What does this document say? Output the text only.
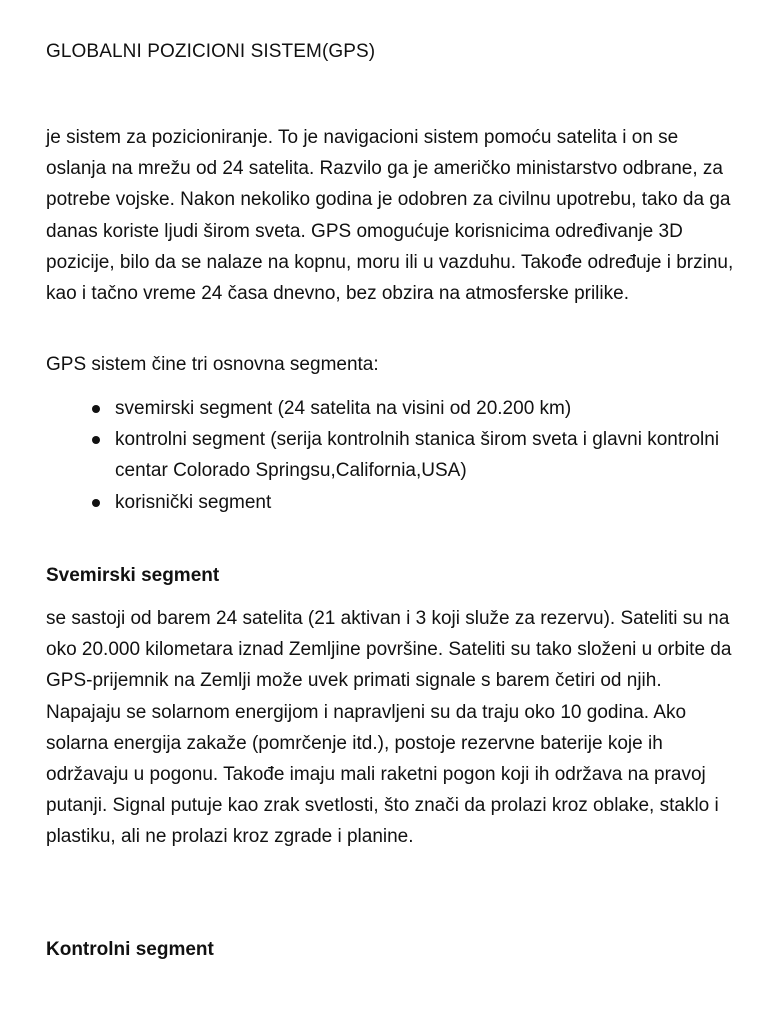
GLOBALNI POZICIONI SISTEM(GPS)

je sistem za pozicioniranje. To je navigacioni sistem pomoću satelita i on se oslanja na mrežu od 24 satelita. Razvilo ga je američko ministarstvo odbrane, za potrebe vojske. Nakon nekoliko godina je odobren za civilnu upotrebu, tako da ga danas koriste ljudi širom sveta. GPS omogućuje korisnicima određivanje 3D pozicije, bilo da se nalaze na kopnu, moru ili u vazduhu. Takođe određuje i brzinu, kao i tačno vreme 24 časa dnevno, bez obzira na atmosferske prilike.

GPS sistem čine tri osnovna segmenta:

svemirski segment (24 satelita na visini od 20.200 km)
kontrolni segment (serija kontrolnih stanica širom sveta i glavni kontrolni centar Colorado Springsu,California,USA)
korisnički segment
Svemirski segment

se sastoji od barem 24 satelita (21 aktivan i 3 koji služe za rezervu). Sateliti su na oko 20.000 kilometara iznad Zemljine površine. Sateliti su tako složeni u orbite da GPS-prijemnik na Zemlji može uvek primati signale s barem četiri od njih. Napajaju se solarnom energijom i napravljeni su da traju oko 10 godina. Ako solarna energija zakaže (pomrčenje itd.), postoje rezervne baterije koje ih održavaju u pogonu. Takođe imaju mali raketni pogon koji ih održava na pravoj putanji. Signal putuje kao zrak svetlosti, što znači da prolazi kroz oblake, staklo i plastiku, ali ne prolazi kroz zgrade i planine.

Kontrolni segment
